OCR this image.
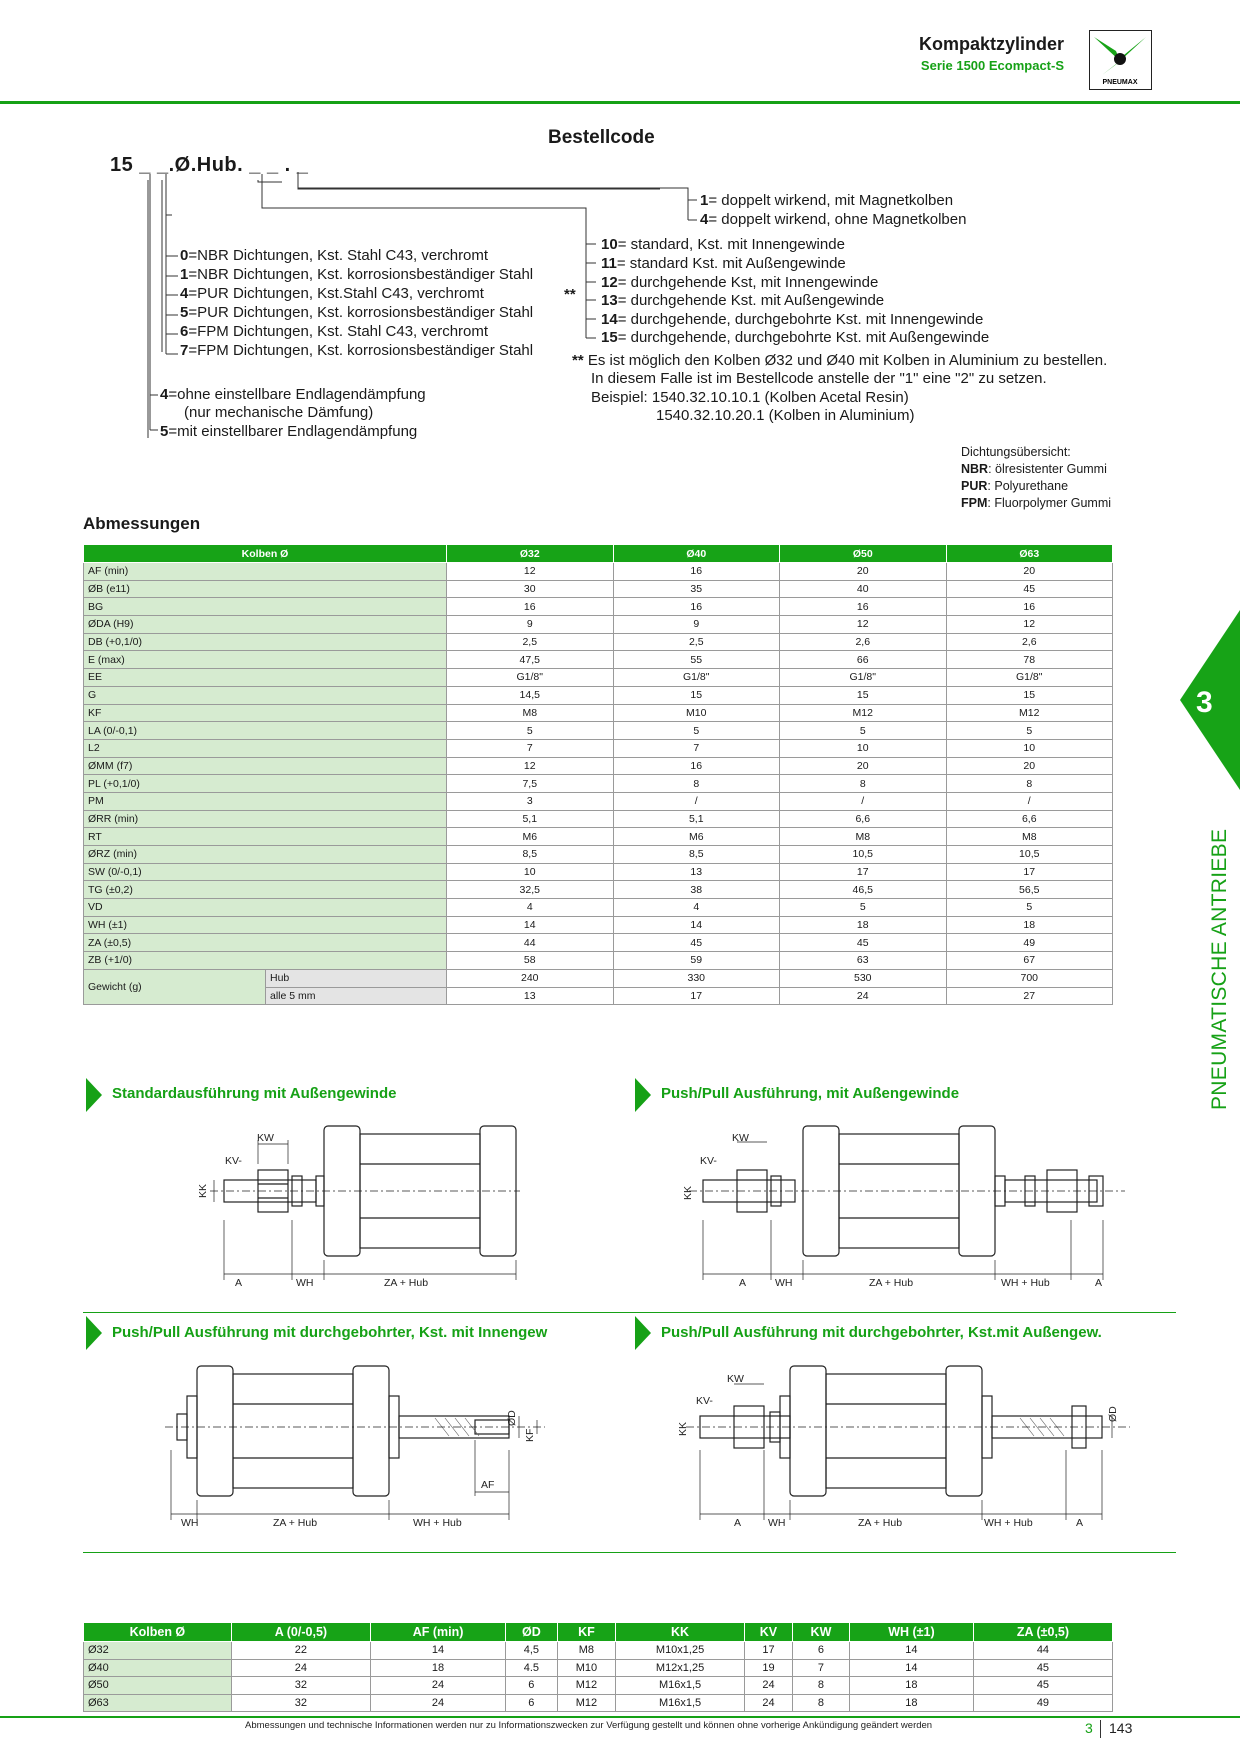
Kompaktzylinder
Serie 1500 Ecompact-S
PNEUMAX
Bestellcode
15 _ _.Ø.Hub. _ _ . _
1= doppelt wirkend, mit Magnetkolben
4= doppelt wirkend, ohne Magnetkolben
10= standard, Kst. mit Innengewinde
11= standard Kst. mit Außengewinde
12= durchgehende Kst, mit Innengewinde
13= durchgehende Kst. mit Außengewinde
14= durchgehende, durchgebohrte Kst. mit Innengewinde
15= durchgehende, durchgebohrte Kst. mit Außengewinde
**
0=NBR Dichtungen, Kst. Stahl C43, verchromt
1=NBR Dichtungen, Kst. korrosionsbeständiger Stahl
4=PUR Dichtungen, Kst.Stahl C43, verchromt
5=PUR Dichtungen, Kst. korrosionsbeständiger Stahl
6=FPM Dichtungen, Kst. Stahl C43, verchromt
7=FPM Dichtungen, Kst. korrosionsbeständiger Stahl
4=ohne einstellbare Endlagendämpfung
(nur mechanische Dämfung)
5=mit einstellbarer Endlagendämpfung
** Es ist möglich den Kolben Ø32 und Ø40 mit Kolben in Aluminium zu bestellen.
In diesem Falle ist im Bestellcode anstelle der "1" eine "2" zu setzen.
Beispiel: 1540.32.10.10.1 (Kolben Acetal Resin)
1540.32.10.20.1 (Kolben in Aluminium)
Dichtungsübersicht:
NBR: ölresistenter Gummi
PUR: Polyurethane
FPM: Fluorpolymer Gummi
Abmessungen
Kolben Ø		Ø32	Ø40	Ø50	Ø63
AF (min)		12	16	20	20
ØB (e11)		30	35	40	45
BG		16	16	16	16
ØDA (H9)		9	9	12	12
DB (+0,1/0)		2,5	2,5	2,6	2,6
E (max)		47,5	55	66	78
EE		G1/8"	G1/8"	G1/8"	G1/8"
G		14,5	15	15	15
KF		M8	M10	M12	M12
LA (0/-0,1)		5	5	5	5
L2		7	7	10	10
ØMM (f7)		12	16	20	20
PL (+0,1/0)		7,5	8	8	8
PM		3	/	/	/
ØRR (min)		5,1	5,1	6,6	6,6
RT		M6	M6	M8	M8
ØRZ (min)		8,5	8,5	10,5	10,5
SW (0/-0,1)		10	13	17	17
TG (±0,2)		32,5	38	46,5	56,5
VD		4	4	5	5
WH (±1)		14	14	18	18
ZA (±0,5)		44	45	45	49
ZB (+1/0)		58	59	63	67
Gewicht (g)	Hub	240	330	530	700
	alle 5 mm	13	17	24	27
3
PNEUMATISCHE ANTRIEBE
Standardausführung mit Außengewinde
A	WH	ZA + Hub
KW
KV-
KK
Push/Pull Ausführung, mit Außengewinde
A	WH	ZA + Hub	WH + Hub	A
KW
KV-
KK
Push/Pull Ausführung mit durchgebohrter, Kst. mit Innengew
WH	ZA + Hub	WH + Hub
AF
ØD
KF
Push/Pull Ausführung mit durchgebohrter, Kst.mit Außengew.
A	WH	ZA + Hub	WH + Hub	A
KW
KV-
KK
ØD
Kolben Ø	A (0/-0,5)	AF (min)	ØD	KF	KK	KV	KW	WH (±1)	ZA (±0,5)
Ø32	22	14	4,5	M8	M10x1,25	17	6	14	44
Ø40	24	18	4.5	M10	M12x1,25	19	7	14	45
Ø50	32	24	6	M12	M16x1,5	24	8	18	45
Ø63	32	24	6	M12	M16x1,5	24	8	18	49
Abmessungen und technische Informationen werden nur zu Informationszwecken zur Verfügung gestellt und können ohne vorherige Ankündigung geändert werden	3 143
